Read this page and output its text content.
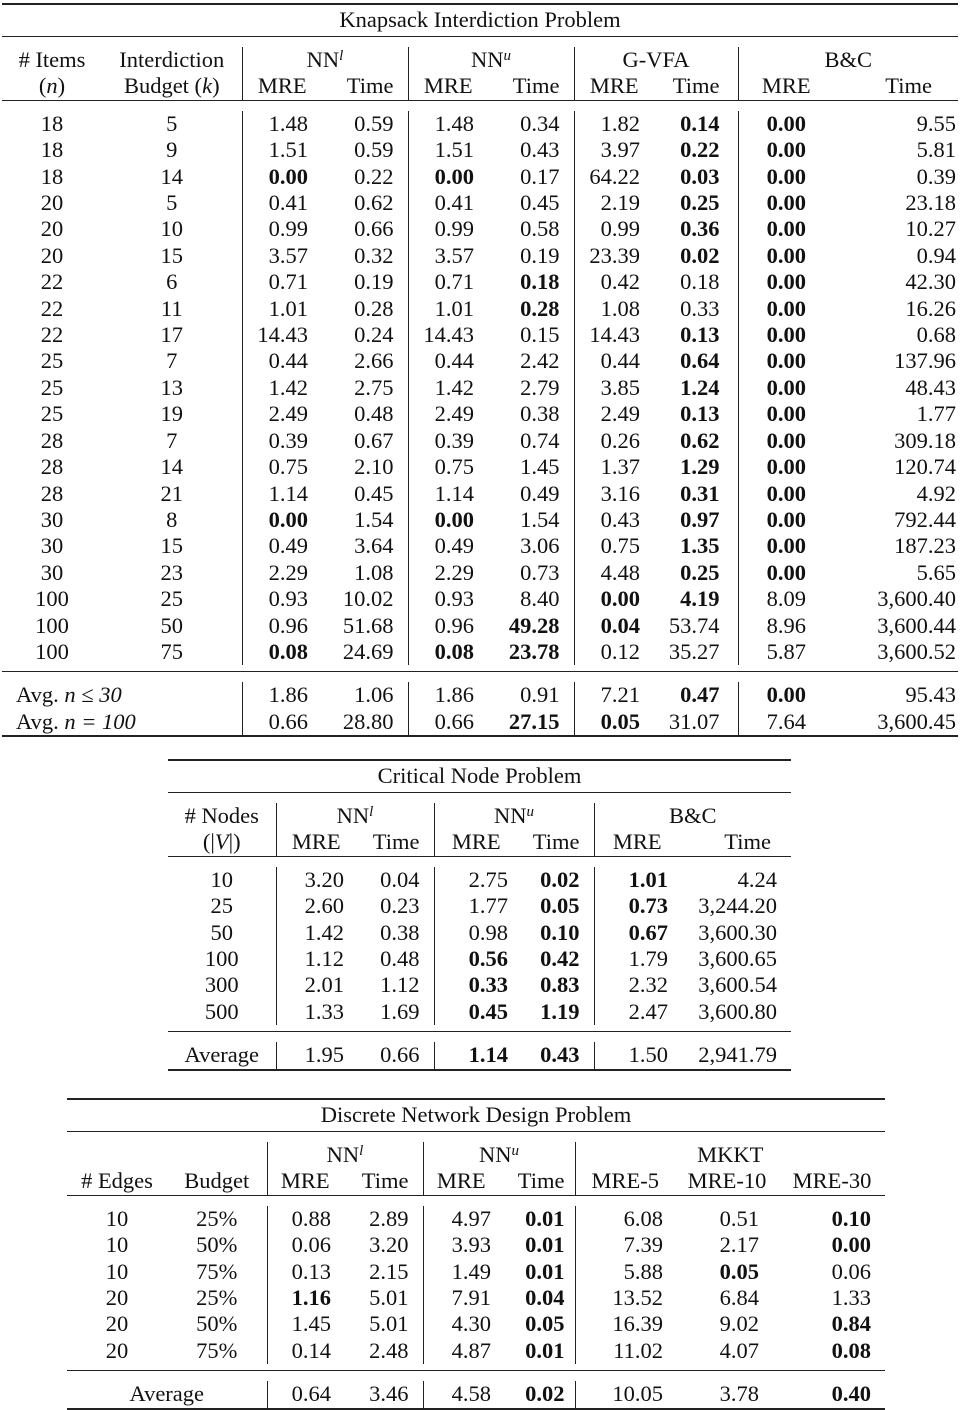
Knapsack Interdiction Problem									

# Items	Interdiction	$NN^l$		$NN^u$		G-VFA		B&C	
(n)	Budget (k)	MRE	Time	MRE	Time	MRE	Time	MRE	Time

18	5	1.48	0.59	1.48	0.34	1.82	0.14	0.00	9.55
18	9	1.51	0.59	1.51	0.43	3.97	0.22	0.00	5.81
18	14	0.00	0.22	0.00	0.17	64.22	0.03	0.00	0.39
20	5	0.41	0.62	0.41	0.45	2.19	0.25	0.00	23.18
20	10	0.99	0.66	0.99	0.58	0.99	0.36	0.00	10.27
20	15	3.57	0.32	3.57	0.19	23.39	0.02	0.00	0.94
22	6	0.71	0.19	0.71	0.18	0.42	0.18	0.00	42.30
22	11	1.01	0.28	1.01	0.28	1.08	0.33	0.00	16.26
22	17	14.43	0.24	14.43	0.15	14.43	0.13	0.00	0.68
25	7	0.44	2.66	0.44	2.42	0.44	0.64	0.00	137.96
25	13	1.42	2.75	1.42	2.79	3.85	1.24	0.00	48.43
25	19	2.49	0.48	2.49	0.38	2.49	0.13	0.00	1.77
28	7	0.39	0.67	0.39	0.74	0.26	0.62	0.00	309.18
28	14	0.75	2.10	0.75	1.45	1.37	1.29	0.00	120.74
28	21	1.14	0.45	1.14	0.49	3.16	0.31	0.00	4.92
30	8	0.00	1.54	0.00	1.54	0.43	0.97	0.00	792.44
30	15	0.49	3.64	0.49	3.06	0.75	1.35	0.00	187.23
30	23	2.29	1.08	2.29	0.73	4.48	0.25	0.00	5.65
100	25	0.93	10.02	0.93	8.40	0.00	4.19	8.09	3,600.40
100	50	0.96	51.68	0.96	49.28	0.04	53.74	8.96	3,600.44
100	75	0.08	24.69	0.08	23.78	0.12	35.27	5.87	3,600.52

Avg. n ≤ 30		1.86	1.06	1.86	0.91	7.21	0.47	0.00	95.43
Avg. n = 100		0.66	28.80	0.66	27.15	0.05	31.07	7.64	3,600.45
Critical Node Problem						

# Nodes	$NN^l$		$NN^u$		B&C	
(|V|)	MRE	Time	MRE	Time	MRE	Time

10	3.20	0.04	2.75	0.02	1.01	4.24
25	2.60	0.23	1.77	0.05	0.73	3,244.20
50	1.42	0.38	0.98	0.10	0.67	3,600.30
100	1.12	0.48	0.56	0.42	1.79	3,600.65
300	2.01	1.12	0.33	0.83	2.32	3,600.54
500	1.33	1.69	0.45	1.19	2.47	3,600.80

Average	1.95	0.66	1.14	0.43	1.50	2,941.79
Discrete Network Design Problem								

		$NN^l$		$NN^u$		MKKT		
# Edges	Budget	MRE	Time	MRE	Time	MRE-5	MRE-10	MRE-30

10	25%	0.88	2.89	4.97	0.01	6.08	0.51	0.10
10	50%	0.06	3.20	3.93	0.01	7.39	2.17	0.00
10	75%	0.13	2.15	1.49	0.01	5.88	0.05	0.06
20	25%	1.16	5.01	7.91	0.04	13.52	6.84	1.33
20	50%	1.45	5.01	4.30	0.05	16.39	9.02	0.84
20	75%	0.14	2.48	4.87	0.01	11.02	4.07	0.08

Average		0.64	3.46	4.58	0.02	10.05	3.78	0.40
